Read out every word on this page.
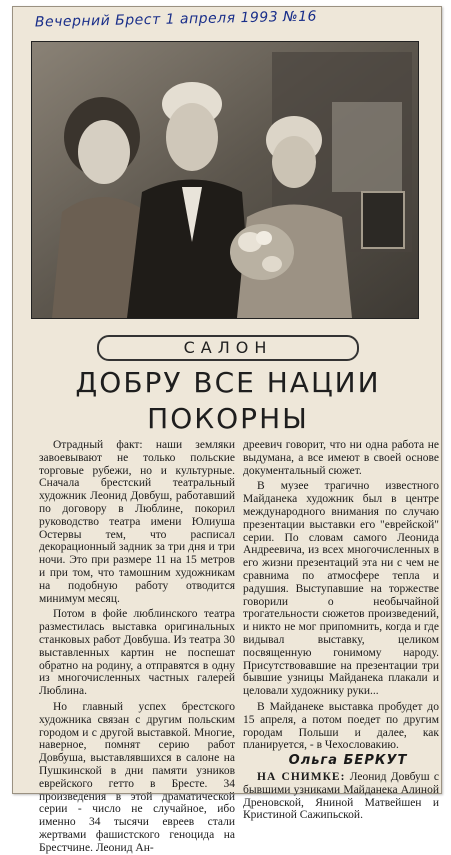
Вечерний Брест 1 апреля 1993 №16
САЛОН
ДОБРУ ВСЕ НАЦИИ ПОКОРНЫ

Отрадный факт: наши земляки завоевывают не только польские торговые рубежи, но и культурные. Сначала брестский театральный художник Леонид Довбуш, работавший по договору в Люблине, покорил руководство театра имени Юлиуша Остервы тем, что расписал декорационный задник за три дня и три ночи. Это при размере 11 на 15 метров и при том, что тамошним художникам на подобную работу отводится минимум месяц.

Потом в фойе люблинского театра разместилась выставка оригинальных станковых работ Довбуша. Из театра 30 выставленных картин не поспешат обратно на родину, а отправятся в одну из многочисленных частных галерей Люблина.

Но главный успех брестского художника связан с другим польским городом и с другой выставкой. Многие, наверное, помнят серию работ Довбуша, выставлявшихся в салоне на Пушкинской в дни памяти узников еврейского гетто в Бресте. 34 произведения в этой драматической серии - число не случайное, ибо именно 34 тысячи евреев стали жертвами фашистского геноцида на Брестчине. Леонид Ан-

дреевич говорит, что ни одна работа не выдумана, а все имеют в своей основе документальный сюжет.

В музее трагично известного Майданека художник был в центре международного внимания по случаю презентации выставки его "еврейской" серии. По словам самого Леонида Андреевича, из всех многочисленных в его жизни презентаций эта ни с чем не сравнима по атмосфере тепла и радушия. Выступавшие на торжестве говорили о необычайной трогательности сюжетов произведений, и никто не мог припомнить, когда и где видывал выставку, целиком посвященную гонимому народу. Присутствовавшие на презентации три бывшие узницы Майданека плакали и целовали художнику руки...

В Майданеке выставка пробудет до 15 апреля, а потом поедет по другим городам Польши и далее, как планируется, - в Чехословакию.

Ольга БЕРКУТ

НА СНИМКЕ: Леонид Довбуш с бывшими узниками Майданека Алиной Дреновской, Яниной Матвейшен и Кристиной Сажипьской.
